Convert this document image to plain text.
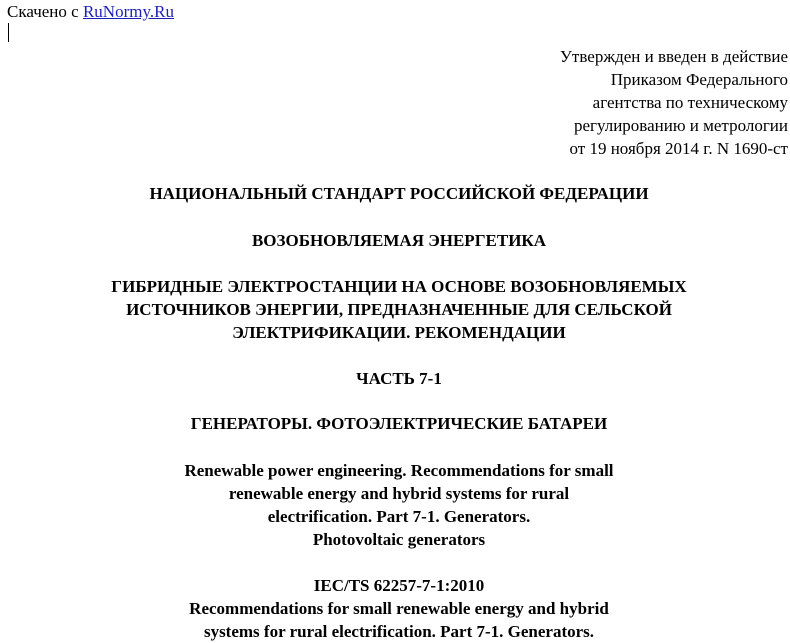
Скачено с RuNormy.Ru
Утвержден и введен в действие
Приказом Федерального
агентства по техническому
регулированию и метрологии
от 19 ноября 2014 г. N 1690-ст
НАЦИОНАЛЬНЫЙ СТАНДАРТ РОССИЙСКОЙ ФЕДЕРАЦИИ
ВОЗОБНОВЛЯЕМАЯ ЭНЕРГЕТИКА
ГИБРИДНЫЕ ЭЛЕКТРОСТАНЦИИ НА ОСНОВЕ ВОЗОБНОВЛЯЕМЫХ
ИСТОЧНИКОВ ЭНЕРГИИ, ПРЕДНАЗНАЧЕННЫЕ ДЛЯ СЕЛЬСКОЙ
ЭЛЕКТРИФИКАЦИИ. РЕКОМЕНДАЦИИ
ЧАСТЬ 7-1
ГЕНЕРАТОРЫ. ФОТОЭЛЕКТРИЧЕСКИЕ БАТАРЕИ
Renewable power engineering. Recommendations for small
renewable energy and hybrid systems for rural
electrification. Part 7-1. Generators.
Photovoltaic generators
IEC/TS 62257-7-1:2010
Recommendations for small renewable energy and hybrid
systems for rural electrification. Part 7-1. Generators.
